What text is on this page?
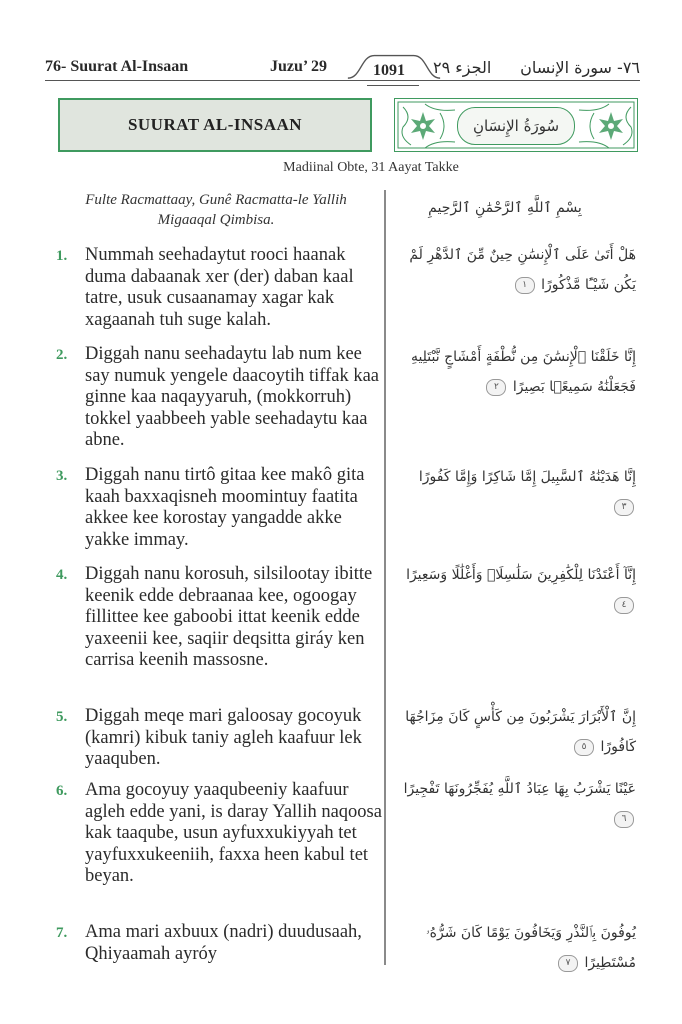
76- Suurat Al-Insaan	Juzu’ 29	1091 الجزء ٢٩ ٧٦- سورة الإنسان
SUURAT AL-INSAAN	سُورَةُ الإِنسَانِ
Madiinal Obte, 31 Aayat Takke
Fulte Racmattaay, Gunê Racmatta-le Yallih Migaaqal Qimbisa.
بِسْمِ ٱللَّهِ ٱلرَّحْمَٰنِ ٱلرَّحِيمِ
1. Nummah seehadaytut rooci haanak duma dabaanak xer (der) daban kaal tatre, usuk cusaanamay xagar kak xagaanah tuh suge kalah.
2. Diggah nanu seehadaytu lab num kee say numuk yengele daacoytih tiffak kaa ginne kaa naqayyaruh, (mokkorruh) tokkel yaabbeeh yable seehadaytu kaa abne.
3. Diggah nanu tirtô gitaa kee makô gita kaah baxxaqisneh moomintuy faatita akkee kee korostay yangadde akke yakke immay.
4. Diggah nanu korosuh, silsilootay ibitte keenik edde debraanaa kee, ogoogay fillittee kee gaboobi ittat keenik edde yaxeenii kee, saqiir deqsitta giráy ken carrisa keenih massosne.
5. Diggah meqe mari galoosay gocoyuk (kamri) kibuk taniy agleh kaafuur lek yaaquben.
6. Ama gocoyuy yaaqubeeniy kaafuur agleh edde yani, is daray Yallih naqoosa kak taaqube, usun ayfuxxukiyyah tet yayfuxxukeeniih, faxxa heen kabul tet beyan.
7. Ama mari axbuux (nadri) duudusaah, Qhiyaamah ayróy
هَلْ أَتَىٰ عَلَى ٱلْإِنسَٰنِ حِينٌ مِّنَ ٱلدَّهْرِ لَمْ يَكُن شَيْـًٔا مَّذْكُورًا ١
إِنَّا خَلَقْنَا ٱلْإِنسَٰنَ مِن نُّطْفَةٍ أَمْشَاجٍ نَّبْتَلِيهِ فَجَعَلْنَٰهُ سَمِيعًۢا بَصِيرًا ٢
إِنَّا هَدَيْنَٰهُ ٱلسَّبِيلَ إِمَّا شَاكِرًا وَإِمَّا كَفُورًا ٣
إِنَّآ أَعْتَدْنَا لِلْكَٰفِرِينَ سَلَٰسِلَا۟ وَأَغْلَٰلًا وَسَعِيرًا ٤
إِنَّ ٱلْأَبْرَارَ يَشْرَبُونَ مِن كَأْسٍ كَانَ مِزَاجُهَا كَافُورًا ٥
عَيْنًا يَشْرَبُ بِهَا عِبَادُ ٱللَّهِ يُفَجِّرُونَهَا تَفْجِيرًا ٦
يُوفُونَ بِٱلنَّذْرِ وَيَخَافُونَ يَوْمًا كَانَ شَرُّهُۥ مُسْتَطِيرًا ٧
